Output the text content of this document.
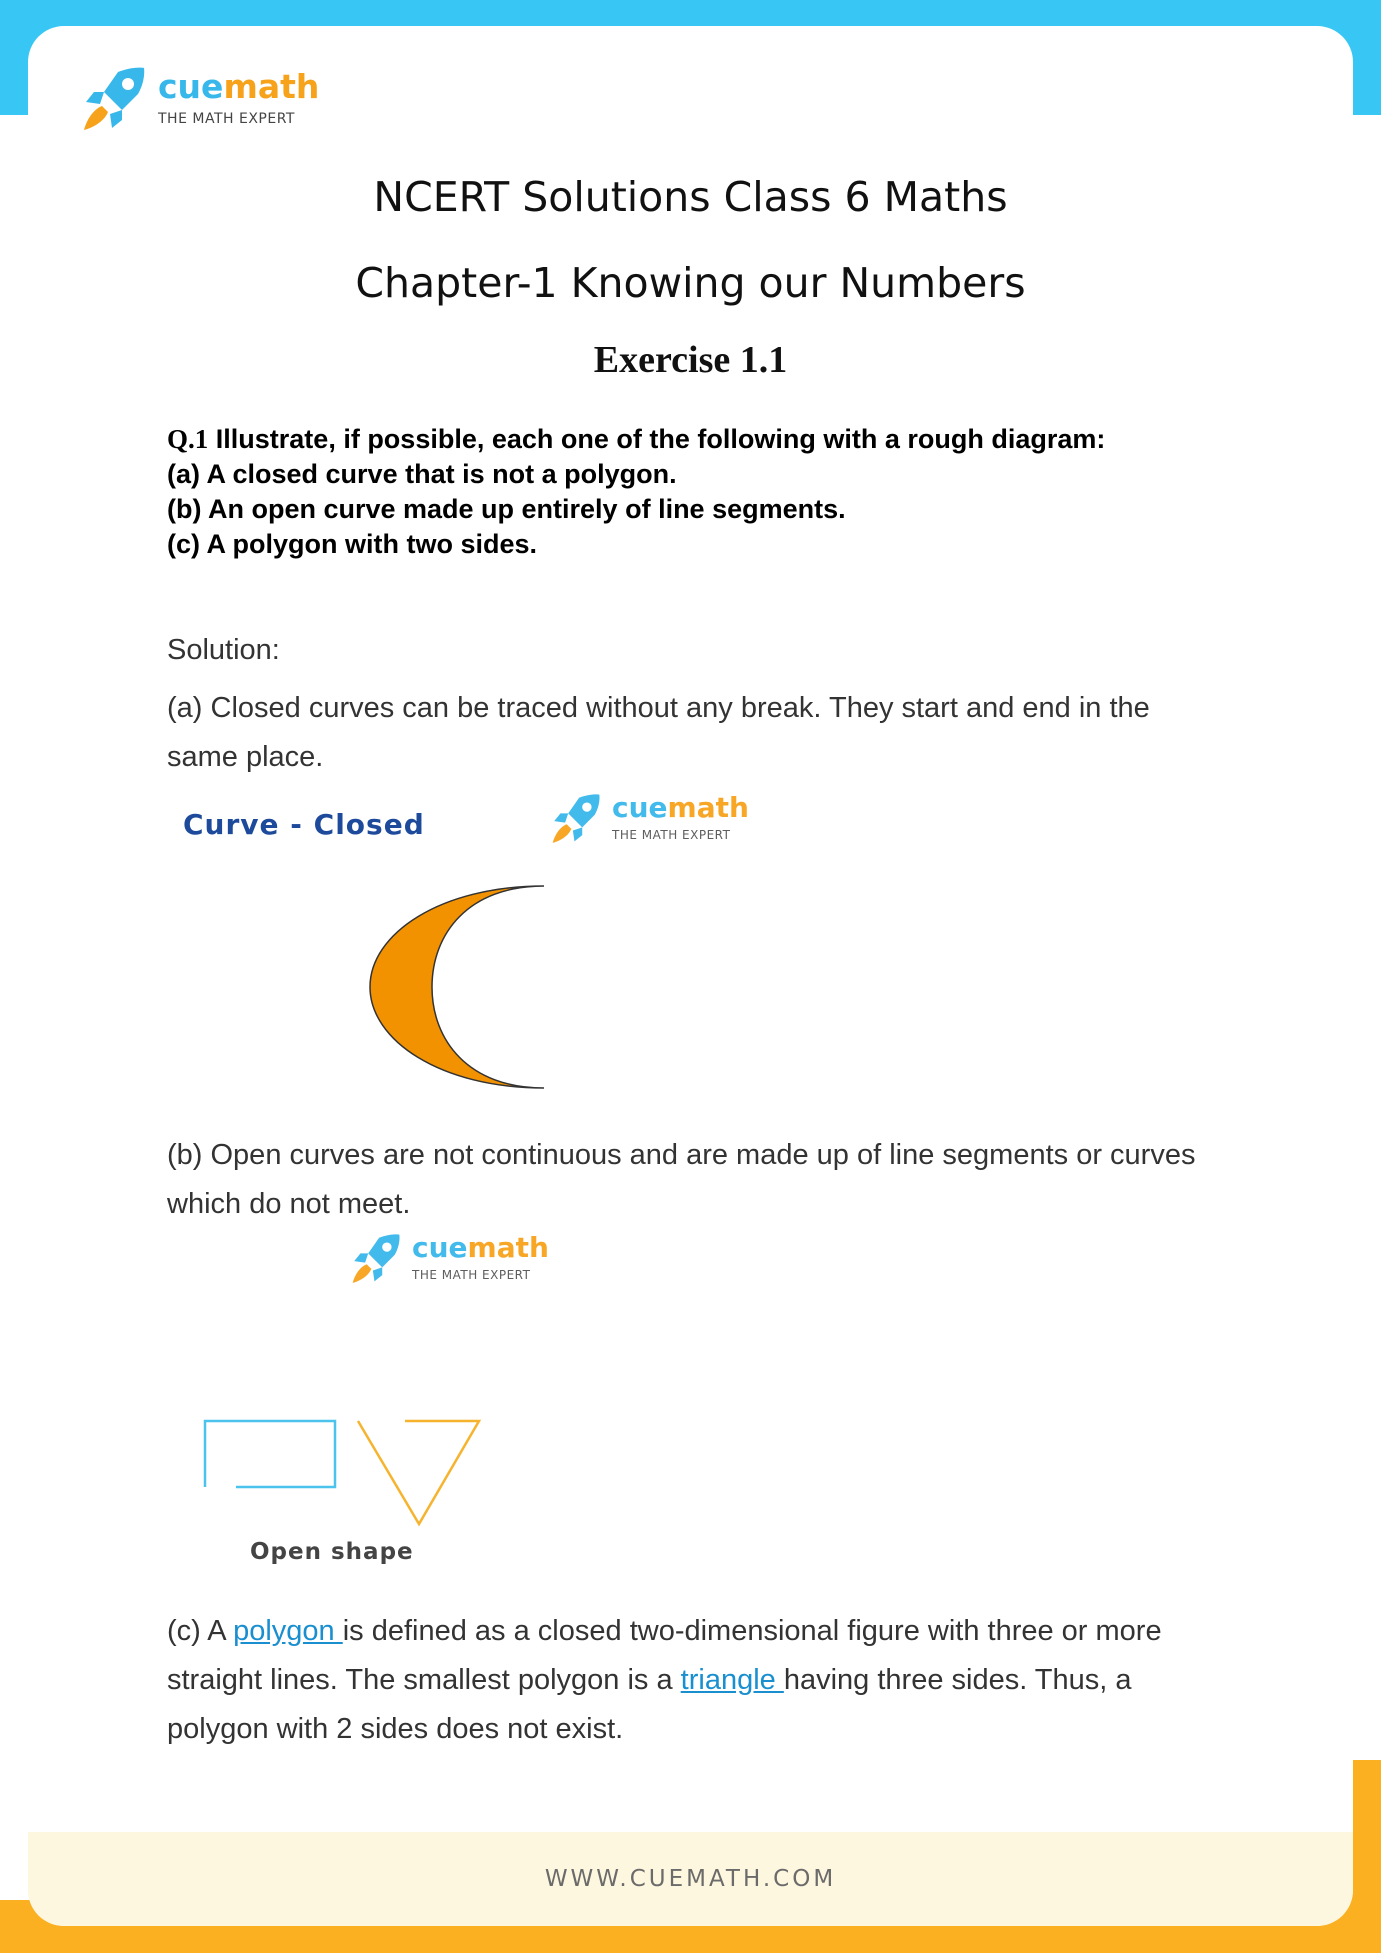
WWW.CUEMATH.COM
cuemath
THE MATH EXPERT
NCERT Solutions Class 6 Maths
Chapter-1 Knowing our Numbers
Exercise 1.1
Q.1 Illustrate, if possible, each one of the following with a rough diagram:
(a) A closed curve that is not a polygon.
(b) An open curve made up entirely of line segments.
(c) A polygon with two sides.
Solution:
(a) Closed curves can be traced without any break. They start and end in the same place.
Curve - Closed
cuemath
THE MATH EXPERT
(b) Open curves are not continuous and are made up of line segments or curves which do not meet.
cuemath
THE MATH EXPERT
Open shape
(c) A polygon is defined as a closed two-dimensional figure with three or more straight lines. The smallest polygon is a triangle having three sides. Thus, a polygon with 2 sides does not exist.
